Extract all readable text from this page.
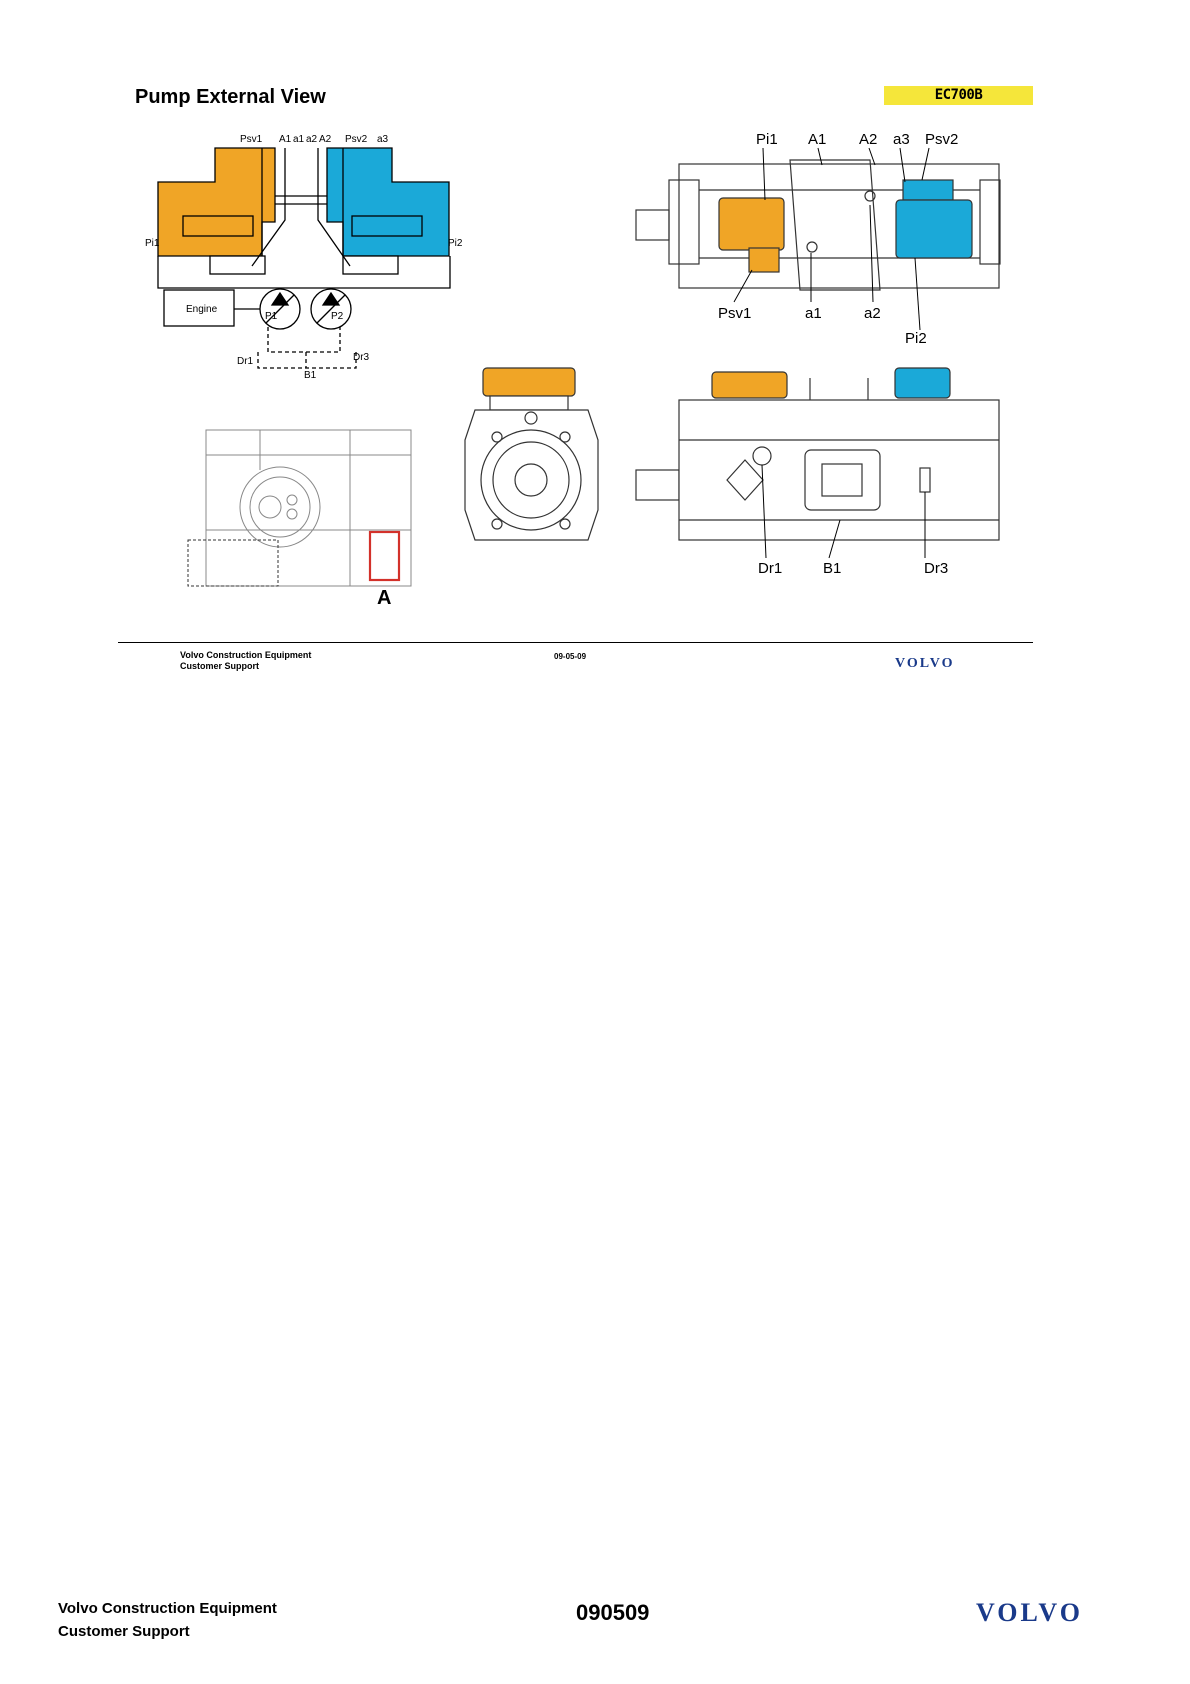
Pump External View	EC700B
Psv1 A1 a1 a2 A2 Psv2 a3
Pi1	Pi2
Engine
P1	P2
Dr1	Dr3
B1
Pi1 A1 A2 a3 Psv2
Psv1	a1	a2
Pi2
Dr1	B1	Dr3
A
Volvo Construction Equipment
Customer Support
09-05-09	VOLVO
Volvo Construction Equipment
Customer Support
090509	VOLVO
